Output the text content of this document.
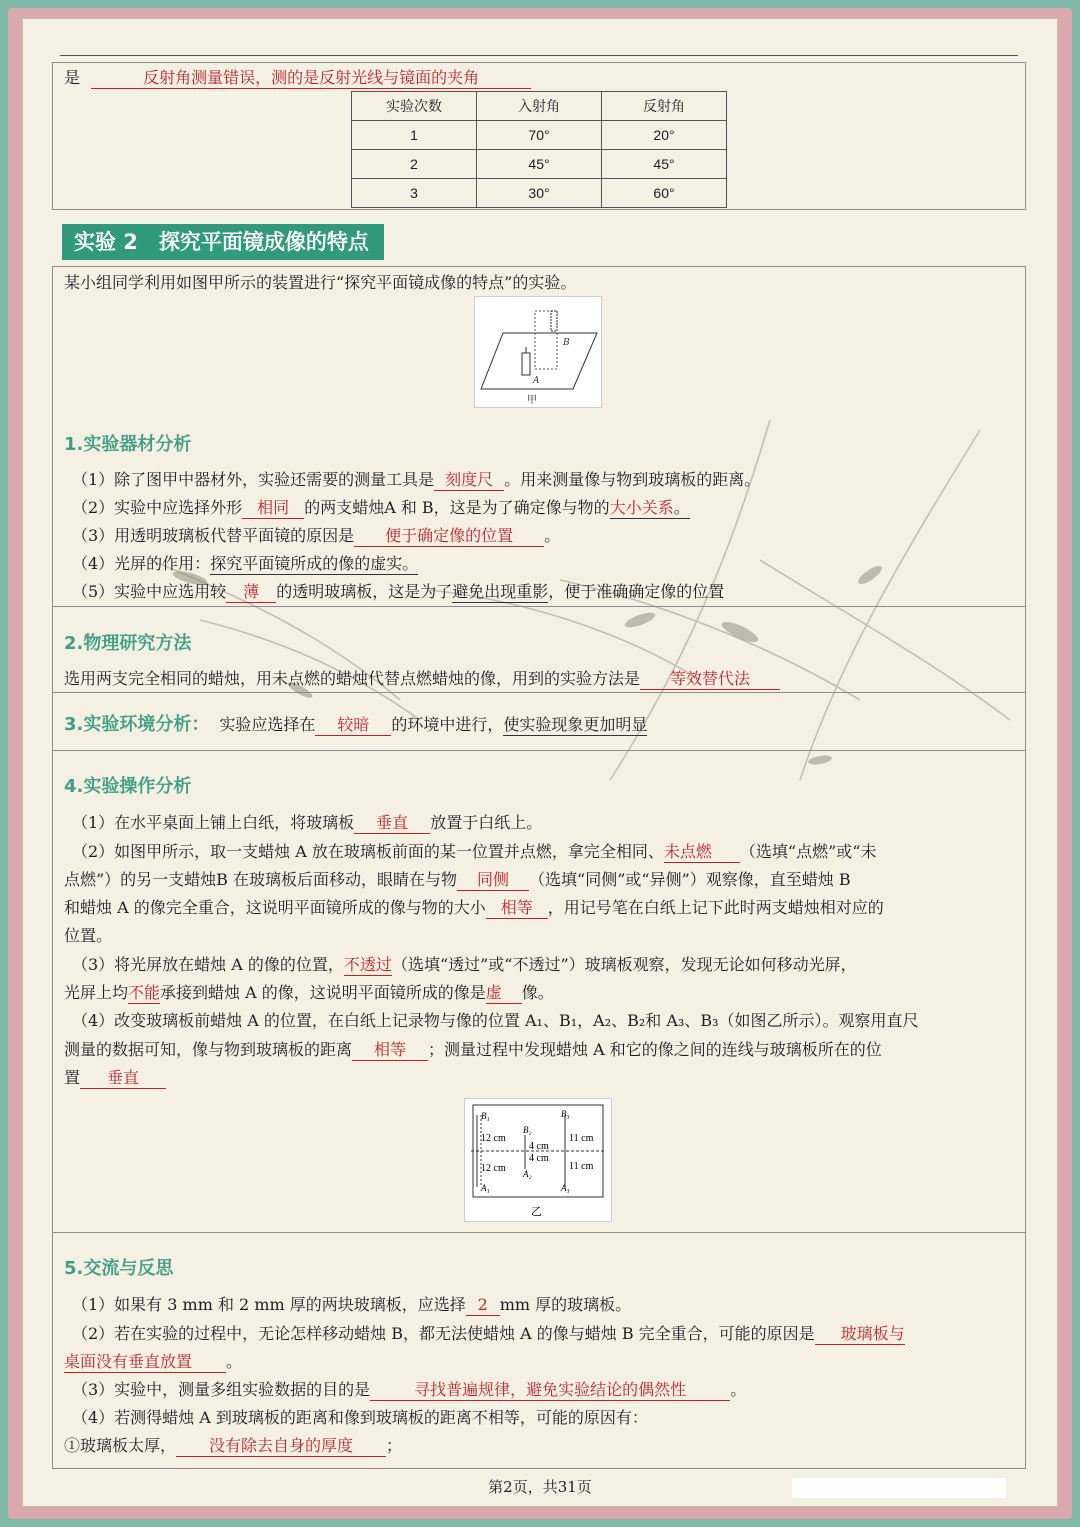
是	反射角测量错误，测的是反射光线与镜面的夹角
实验次数	入射角	反射角
1	70°	20°
2	45°	45°
3	30°	60°
实验 2　探究平面镜成像的特点
某小组同学利用如图甲所示的装置进行“探究平面镜成像的特点”的实验。
B
A
甲
1.实验器材分析
（1）除了图甲中器材外，实验还需要的测量工具是 刻度尺 。用来测量像与物到玻璃板的距离。
（2）实验中应选择外形 相同 的两支蜡烛A 和 B，这是为了确定像与物的大小关系。
（3）用透明玻璃板代替平面镜的原因是 便于确定像的位置 。
（4）光屏的作用：探究平面镜所成的像的虚实。
（5）实验中应选用较 薄 的透明玻璃板，这是为了避免出现重影，便于准确确定像的位置
2.物理研究方法
选用两支完全相同的蜡烛，用未点燃的蜡烛代替点燃蜡烛的像，用到的实验方法是 等效替代法
3.实验环境分析： 实验应选择在 较暗 的环境中进行，使实验现象更加明显
4.实验操作分析
（1）在水平桌面上铺上白纸，将玻璃板 垂直 放置于白纸上。
（2）如图甲所示，取一支蜡烛 A 放在玻璃板前面的某一位置并点燃，拿完全相同、未点燃 （选填“点燃”或“未
点燃”）的另一支蜡烛B 在玻璃板后面移动，眼睛在与物 同侧 （选填“同侧”或“异侧”）观察像，直至蜡烛 B
和蜡烛 A 的像完全重合，这说明平面镜所成的像与物的大小 相等 ，用记号笔在白纸上记下此时两支蜡烛相对应的
位置。
（3）将光屏放在蜡烛 A 的像的位置，不透过（选填“透过”或“不透过”）玻璃板观察，发现无论如何移动光屏，
光屏上均不能承接到蜡烛 A 的像，这说明平面镜所成的像是虚 像。
（4）改变玻璃板前蜡烛 A 的位置，在白纸上记录物与像的位置 A₁、B₁，A₂、B₂和 A₃、B₃（如图乙所示）。观察用直尺
测量的数据可知，像与物到玻璃板的距离 相等 ；测量过程中发现蜡烛 A 和它的像之间的连线与玻璃板所在的位
置 垂直
B₁
B₂
B₃
A₁
A₂
A₃
12 cm
12 cm
4 cm
4 cm
11 cm
11 cm
乙
5.交流与反思
（1）如果有 3 mm 和 2 mm 厚的两块玻璃板，应选择 2 mm 厚的玻璃板。
（2）若在实验的过程中，无论怎样移动蜡烛 B，都无法使蜡烛 A 的像与蜡烛 B 完全重合，可能的原因是 玻璃板与
桌面没有垂直放置 。
（3）实验中，测量多组实验数据的目的是	寻找普遍规律，避免实验结论的偶然性	。
（4）若测得蜡烛 A 到玻璃板的距离和像到玻璃板的距离不相等，可能的原因有：
①玻璃板太厚， 没有除去自身的厚度 ；
第2页，共31页
